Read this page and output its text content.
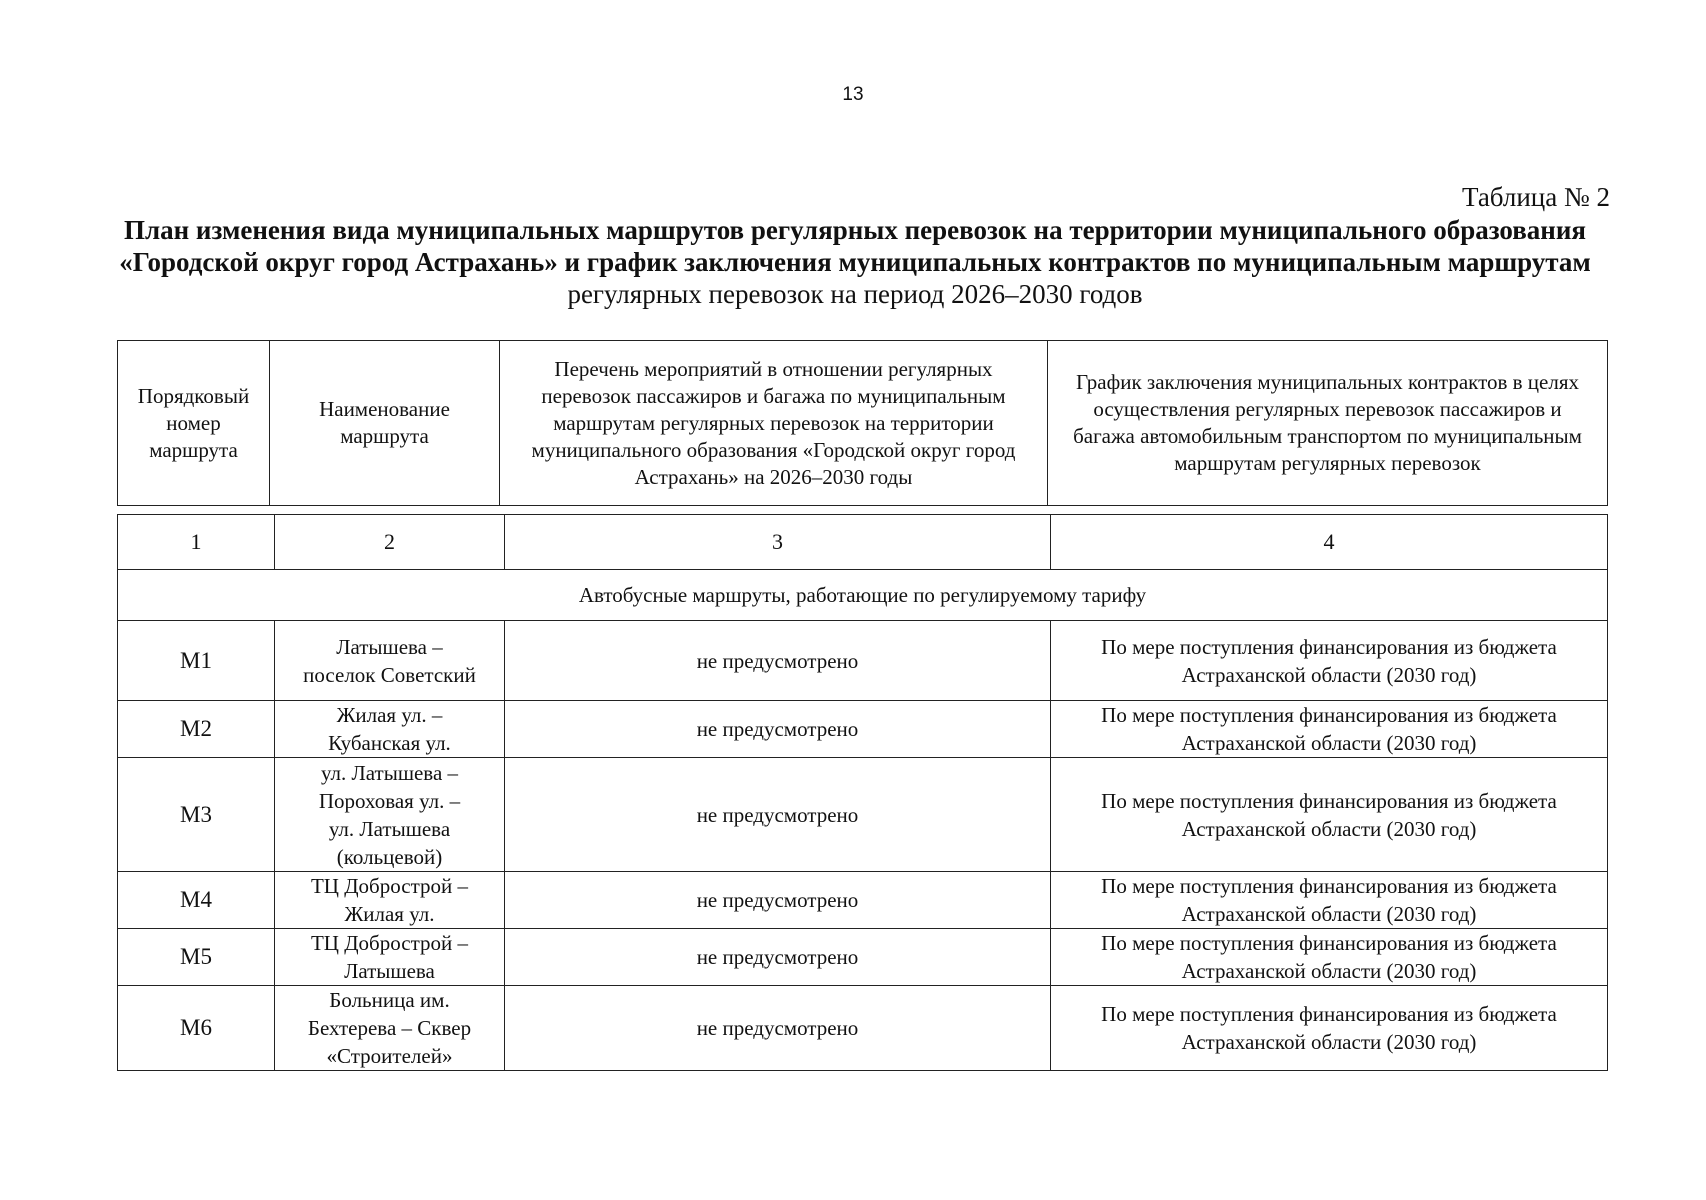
13
Таблица № 2
План изменения вида муниципальных маршрутов регулярных перевозок на территории муниципального образования
«Городской округ город Астрахань» и график заключения муниципальных контрактов по муниципальным маршрутам
регулярных перевозок на период 2026–2030 годов
Порядковый номер маршрута	Наименование маршрута	Перечень мероприятий в отношении регулярных перевозок пассажиров и багажа по муниципальным маршрутам регулярных перевозок на территории муниципального образования «Городской округ город Астрахань» на 2026–2030 годы	График заключения муниципальных контрактов в целях осуществления регулярных перевозок пассажиров и багажа автомобильным транспортом по муниципальным маршрутам регулярных перевозок
1	2	3	4
Автобусные маршруты, работающие по регулируемому тарифу			
М1	Латышева – поселок Советский	не предусмотрено	По мере поступления финансирования из бюджета Астраханской области (2030 год)
М2	Жилая ул. – Кубанская ул.	не предусмотрено	По мере поступления финансирования из бюджета Астраханской области (2030 год)
М3	ул. Латышева – Пороховая ул. – ул. Латышева (кольцевой)	не предусмотрено	По мере поступления финансирования из бюджета Астраханской области (2030 год)
М4	ТЦ Добрострой – Жилая ул.	не предусмотрено	По мере поступления финансирования из бюджета Астраханской области (2030 год)
М5	ТЦ Добрострой – Латышева	не предусмотрено	По мере поступления финансирования из бюджета Астраханской области (2030 год)
М6	Больница им. Бехтерева – Сквер «Строителей»	не предусмотрено	По мере поступления финансирования из бюджета Астраханской области (2030 год)
